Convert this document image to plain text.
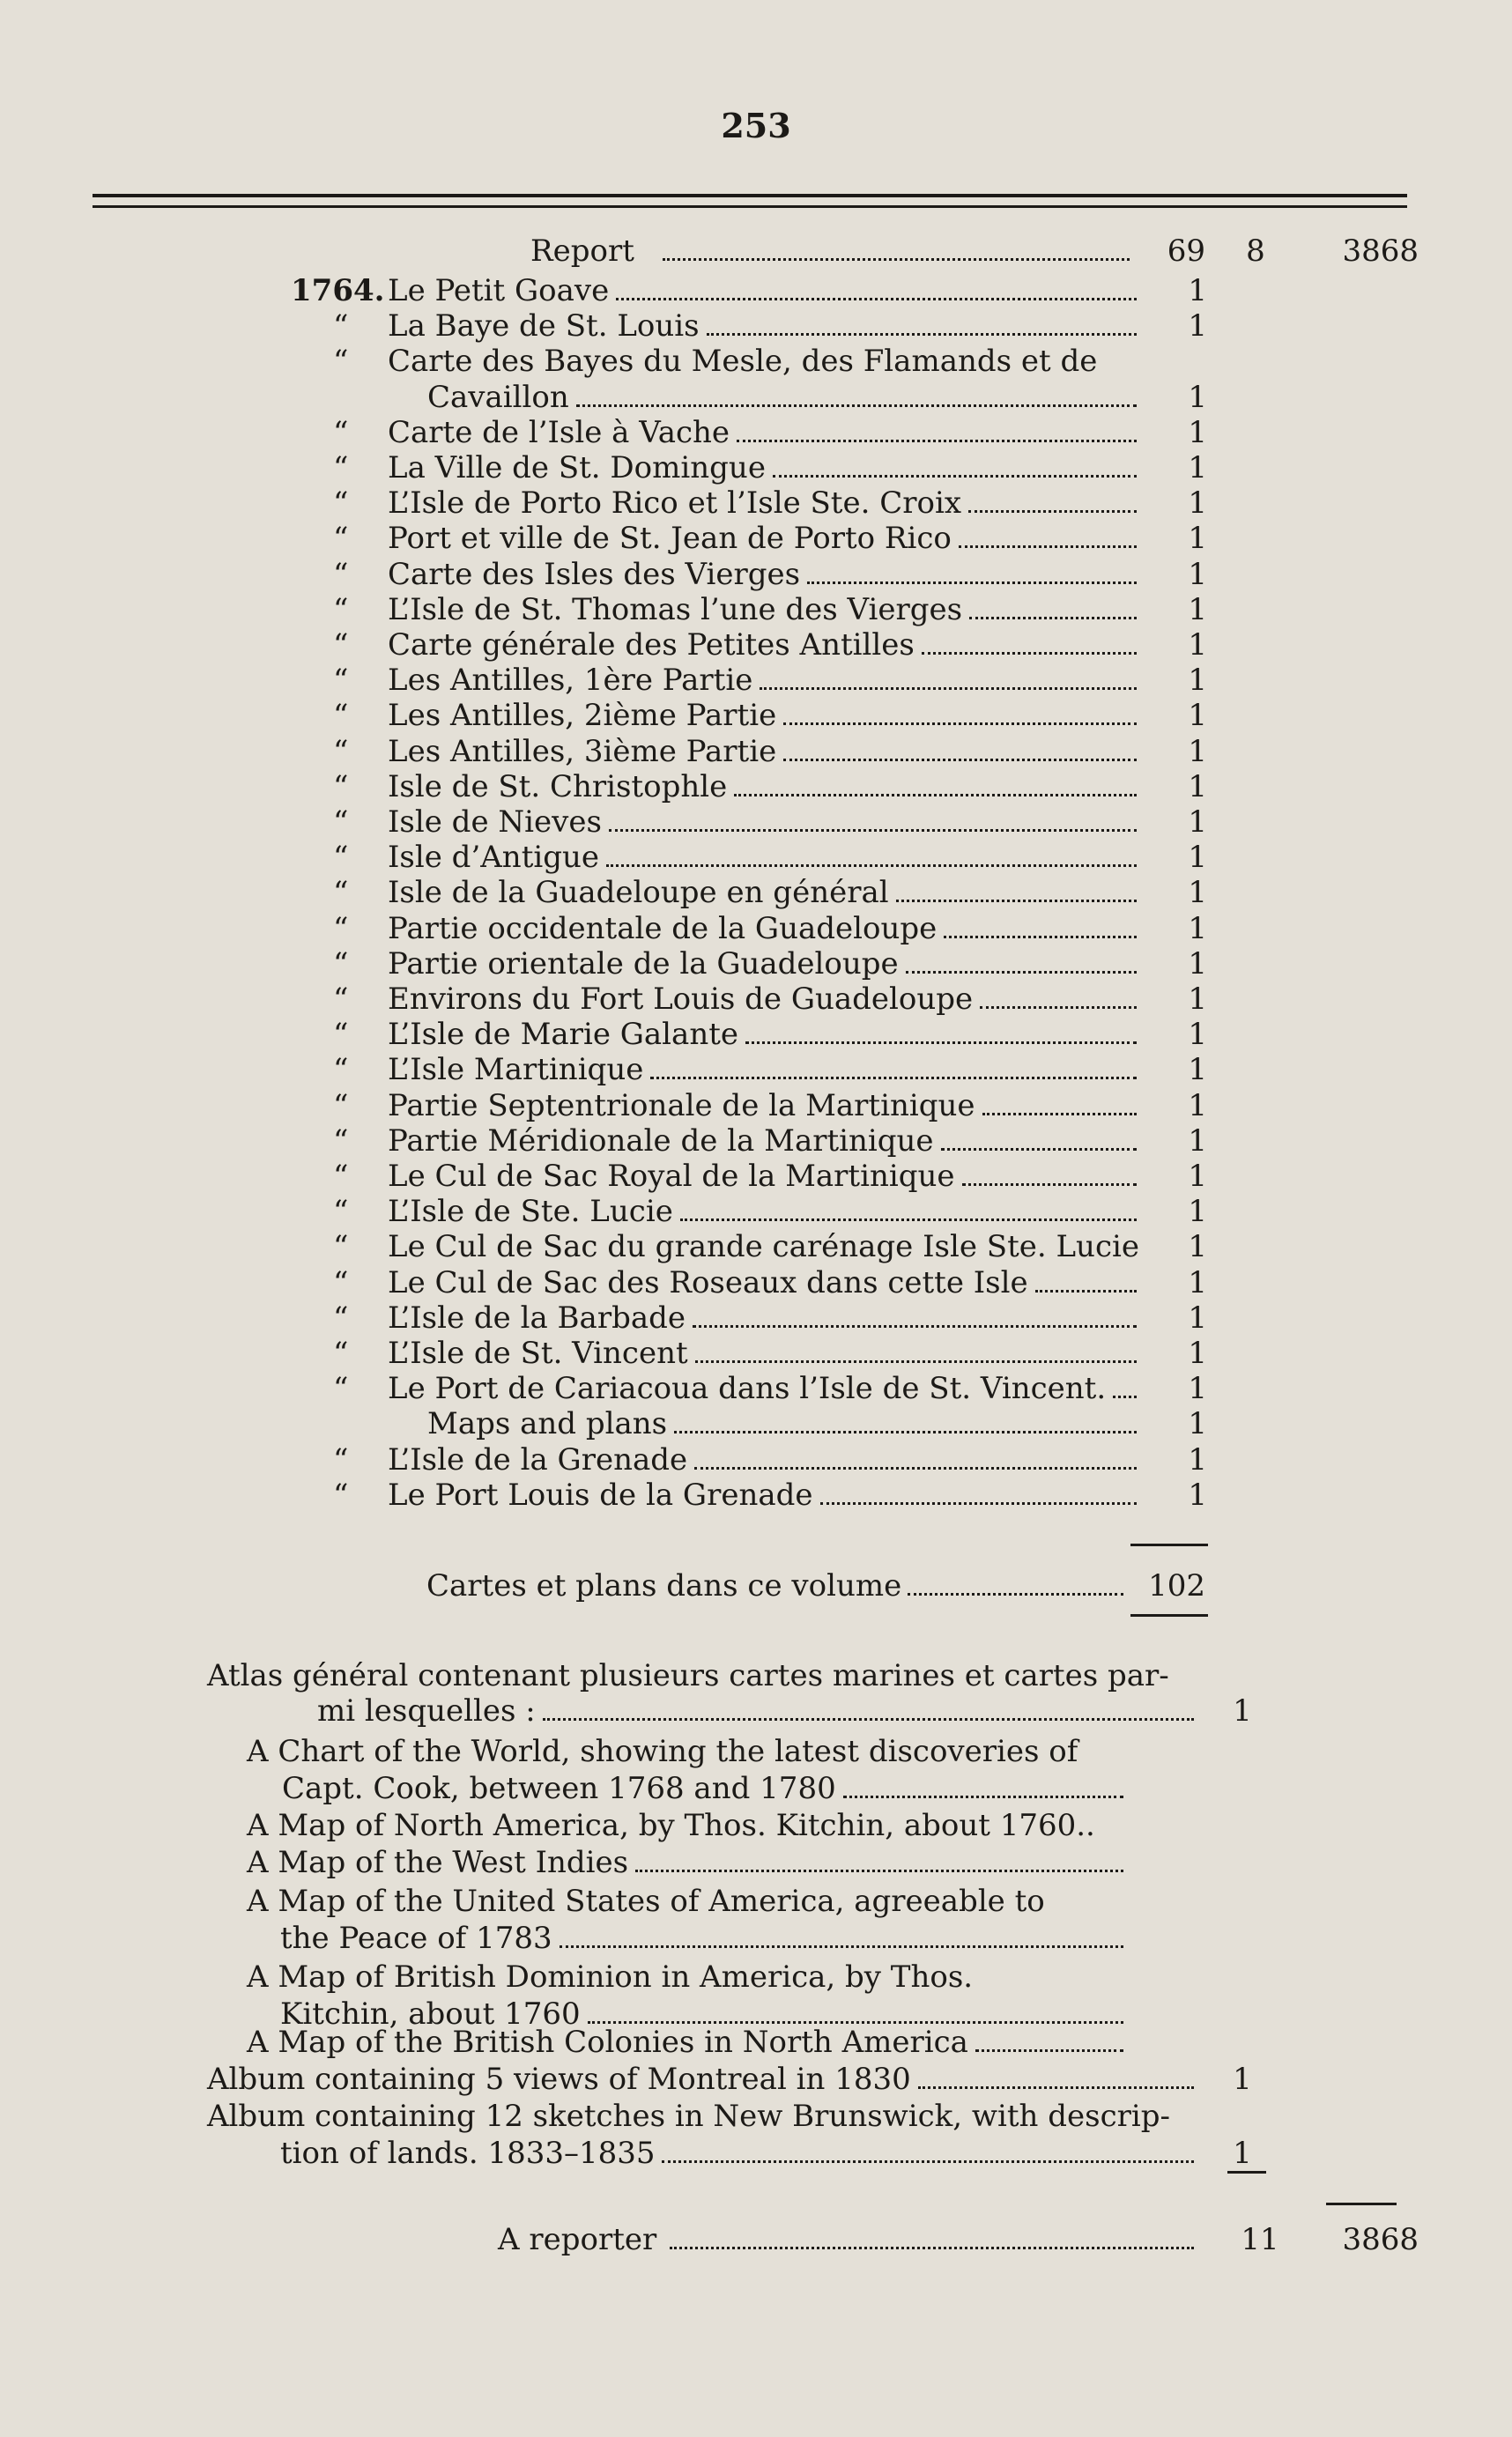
253
Report	69	8	3868
1764. Le Petit Goave	1
“ La Baye de St. Louis	1
“ Carte des Bayes du Mesle, des Flamands et de
Cavaillon	1
“ Carte de l’Isle à Vache	1
“ La Ville de St. Domingue	1
“ L’Isle de Porto Rico et l’Isle Ste. Croix	1
“ Port et ville de St. Jean de Porto Rico	1
“ Carte des Isles des Vierges	1
“ L’Isle de St. Thomas l’une des Vierges	1
“ Carte générale des Petites Antilles	1
“ Les Antilles, 1ère Partie	1
“ Les Antilles, 2ième Partie	1
“ Les Antilles, 3ième Partie	1
“ Isle de St. Christophle	1
“ Isle de Nieves	1
“ Isle d’Antigue	1
“ Isle de la Guadeloupe en général	1
“ Partie occidentale de la Guadeloupe	1
“ Partie orientale de la Guadeloupe	1
“ Environs du Fort Louis de Guadeloupe	1
“ L’Isle de Marie Galante	1
“ L’Isle Martinique	1
“ Partie Septentrionale de la Martinique	1
“ Partie Méridionale de la Martinique	1
“ Le Cul de Sac Royal de la Martinique	1
“ L’Isle de Ste. Lucie	1
“ Le Cul de Sac du grande carénage Isle Ste. Lucie	1
“ Le Cul de Sac des Roseaux dans cette Isle	1
“ L’Isle de la Barbade	1
“ L’Isle de St. Vincent	1
“ Le Port de Cariacoua dans l’Isle de St. Vincent.	1
Maps and plans	1
“ L’Isle de la Grenade	1
“ Le Port Louis de la Grenade	1
Cartes et plans dans ce volume	102
Atlas général contenant plusieurs cartes marines et cartes par-
mi lesquelles :	1
A Chart of the World, showing the latest discoveries of
Capt. Cook, between 1768 and 1780
A Map of North America, by Thos. Kitchin, about 1760..
A Map of the West Indies
A Map of the United States of America, agreeable to
the Peace of 1783
A Map of British Dominion in America, by Thos.
Kitchin, about 1760
A Map of the British Colonies in North America
Album containing 5 views of Montreal in 1830	1
Album containing 12 sketches in New Brunswick, with descrip-
tion of lands. 1833–1835	1
A reporter	11	3868
